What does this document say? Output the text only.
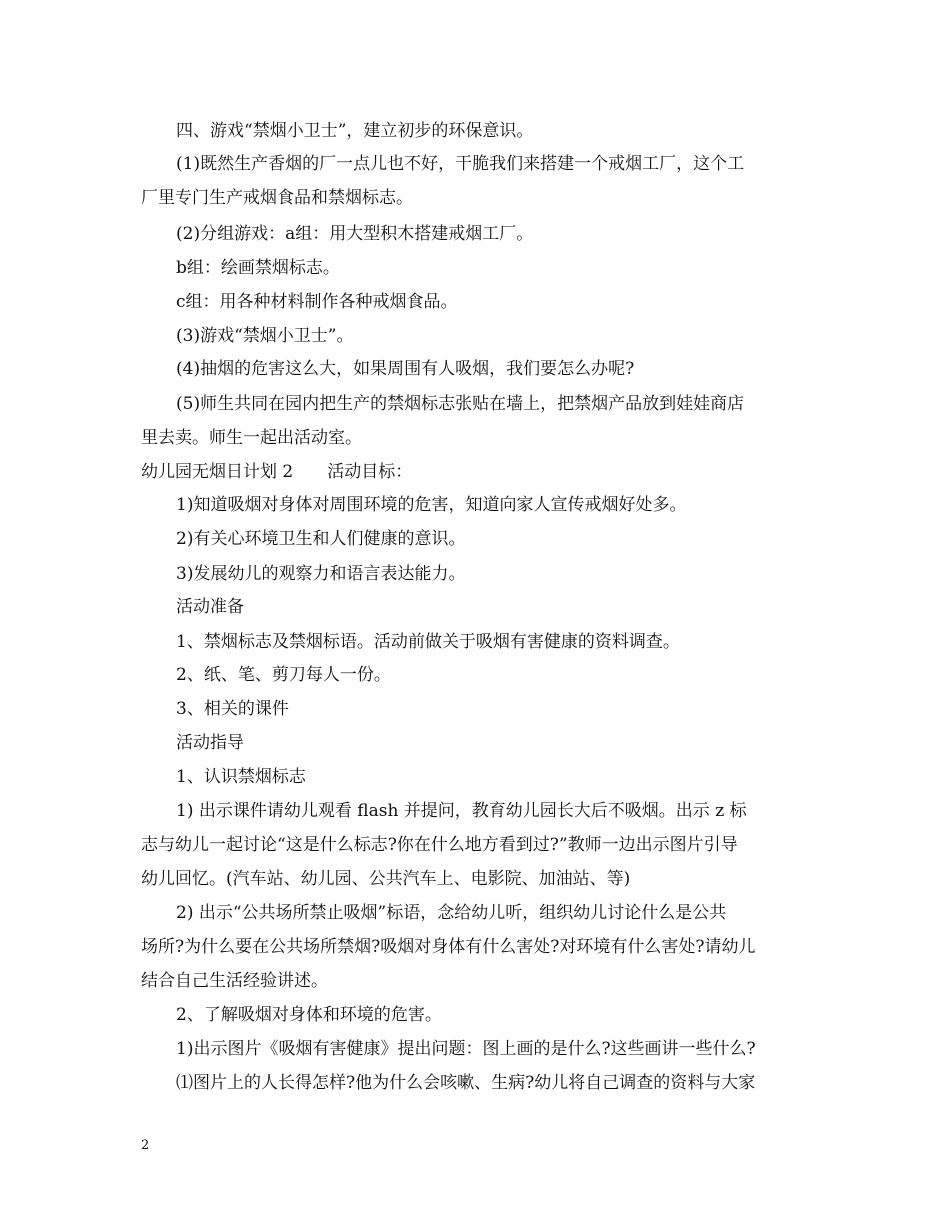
四、游戏“禁烟小卫士”，建立初步的环保意识。
(1)既然生产香烟的厂一点儿也不好，干脆我们来搭建一个戒烟工厂，这个工
厂里专门生产戒烟食品和禁烟标志。
(2)分组游戏：a组：用大型积木搭建戒烟工厂。
b组：绘画禁烟标志。
c组：用各种材料制作各种戒烟食品。
(3)游戏“禁烟小卫士”。
(4)抽烟的危害这么大，如果周围有人吸烟，我们要怎么办呢?
(5)师生共同在园内把生产的禁烟标志张贴在墙上，把禁烟产品放到娃娃商店
里去卖。师生一起出活动室。
幼儿园无烟日计划 2　　活动目标：
1)知道吸烟对身体对周围环境的危害，知道向家人宣传戒烟好处多。
2)有关心环境卫生和人们健康的意识。
3)发展幼儿的观察力和语言表达能力。
活动准备
1、禁烟标志及禁烟标语。活动前做关于吸烟有害健康的资料调查。
2、纸、笔、剪刀每人一份。
3、相关的课件
活动指导
1、认识禁烟标志
1) 出示课件请幼儿观看 flash 并提问，教育幼儿园长大后不吸烟。出示 z 标
志与幼儿一起讨论“这是什么标志?你在什么地方看到过?”教师一边出示图片引导
幼儿回忆。(汽车站、幼儿园、公共汽车上、电影院、加油站、等)
2) 出示“公共场所禁止吸烟”标语，念给幼儿听，组织幼儿讨论什么是公共
场所?为什么要在公共场所禁烟?吸烟对身体有什么害处?对环境有什么害处?请幼儿
结合自己生活经验讲述。
2、了解吸烟对身体和环境的危害。
1)出示图片《吸烟有害健康》提出问题：图上画的是什么?这些画讲一些什么?
⑴图片上的人长得怎样?他为什么会咳嗽、生病?幼儿将自己调查的资料与大家
2
